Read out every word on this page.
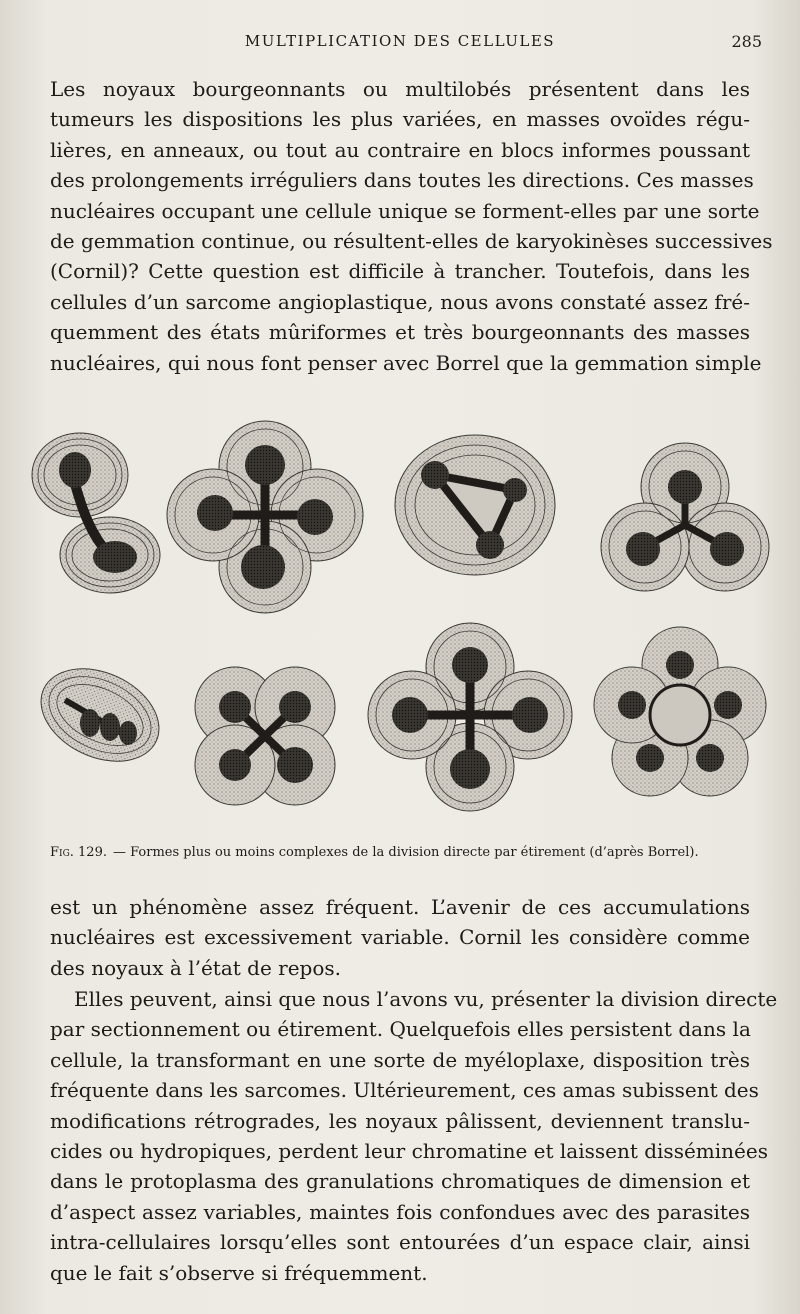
MULTIPLICATION DES CELLULES	285
Les noyaux bourgeonnants ou multilobés présentent dans les
tumeurs les dispositions les plus variées, en masses ovoïdes régu-
lières, en anneaux, ou tout au contraire en blocs informes poussant
des prolongements irréguliers dans toutes les directions. Ces masses
nucléaires occupant une cellule unique se forment-elles par une sorte
de gemmation continue, ou résultent-elles de karyokinèses successives
(Cornil)? Cette question est difficile à trancher. Toutefois, dans les
cellules d’un sarcome angioplastique, nous avons constaté assez fré-
quemment des états mûriformes et très bourgeonnants des masses
nucléaires, qui nous font penser avec Borrel que la gemmation simple
Fig. 129. — Formes plus ou moins complexes de la division directe par étirement (d’après Borrel).
est un phénomène assez fréquent. L’avenir de ces accumulations
nucléaires est excessivement variable. Cornil les considère comme
des noyaux à l’état de repos.
Elles peuvent, ainsi que nous l’avons vu, présenter la division directe
par sectionnement ou étirement. Quelquefois elles persistent dans la
cellule, la transformant en une sorte de myéloplaxe, disposition très
fréquente dans les sarcomes. Ultérieurement, ces amas subissent des
modifications rétrogrades, les noyaux pâlissent, deviennent translu-
cides ou hydropiques, perdent leur chromatine et laissent disséminées
dans le protoplasma des granulations chromatiques de dimension et
d’aspect assez variables, maintes fois confondues avec des parasites
intra-cellulaires lorsqu’elles sont entourées d’un espace clair, ainsi
que le fait s’observe si fréquemment.
